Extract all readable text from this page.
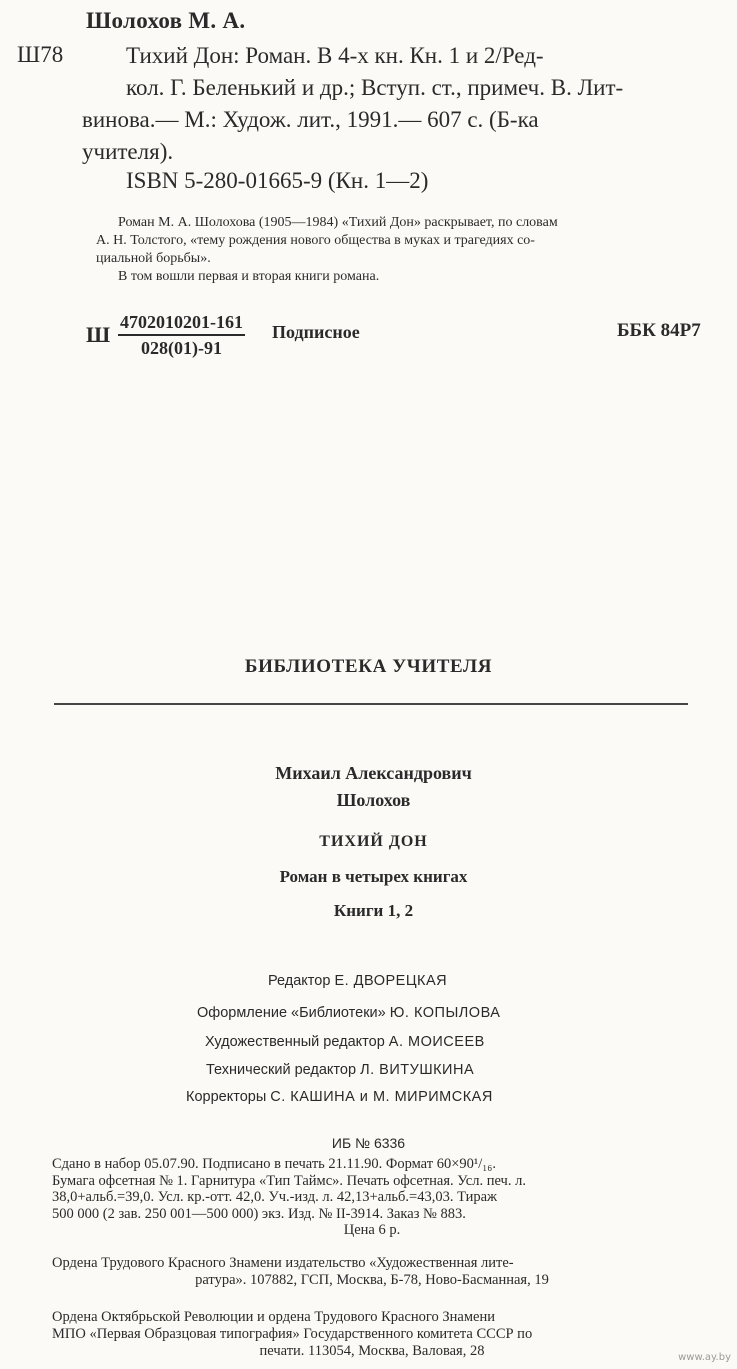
Шолохов М. А.
Ш78	Тихий Дон: Роман. В 4-х кн. Кн. 1 и 2/Ред-
кол. Г. Беленький и др.; Вступ. ст., примеч. В. Лит-
винова.— М.: Худож. лит., 1991.— 607 с. (Б-ка
учителя).
ISBN 5-280-01665-9 (Кн. 1—2)

Роман М. А. Шолохова (1905—1984) «Тихий Дон» раскрывает, по словам

А. Н. Толстого, «тему рождения нового общества в муках и трагедиях со-

циальной борьбы».

В том вошли первая и вторая книги романа.

Ш $\frac{4702010201-161}{028(01)-91}$ Подписное	ББК 84Р7
БИБЛИОТЕКА УЧИТЕЛЯ
Михаил Александрович
Шолохов
ТИХИЙ ДОН
Роман в четырех книгах
Книги 1, 2
Редактор Е. ДВОРЕЦКАЯ
Оформление «Библиотеки» Ю. КОПЫЛОВА
Художественный редактор А. МОИСЕЕВ
Технический редактор Л. ВИТУШКИНА
Корректоры С. КАШИНА и М. МИРИМСКАЯ
ИБ № 6336
Сдано в набор 05.07.90. Подписано в печать 21.11.90. Формат 60×90¹/₁₆.
Бумага офсетная № 1. Гарнитура «Тип Таймс». Печать офсетная. Усл. печ. л.
38,0+альб.=39,0. Усл. кр.-отт. 42,0. Уч.-изд. л. 42,13+альб.=43,03. Тираж
500 000 (2 зав. 250 001—500 000) экз. Изд. № II-3914. Заказ № 883.
Цена 6 р.
Ордена Трудового Красного Знамени издательство «Художественная лите-
ратура». 107882, ГСП, Москва, Б-78, Ново-Басманная, 19
Ордена Октябрьской Революции и ордена Трудового Красного Знамени
МПО «Первая Образцовая типография» Государственного комитета СССР по
печати. 113054, Москва, Валовая, 28	www.ay.by
